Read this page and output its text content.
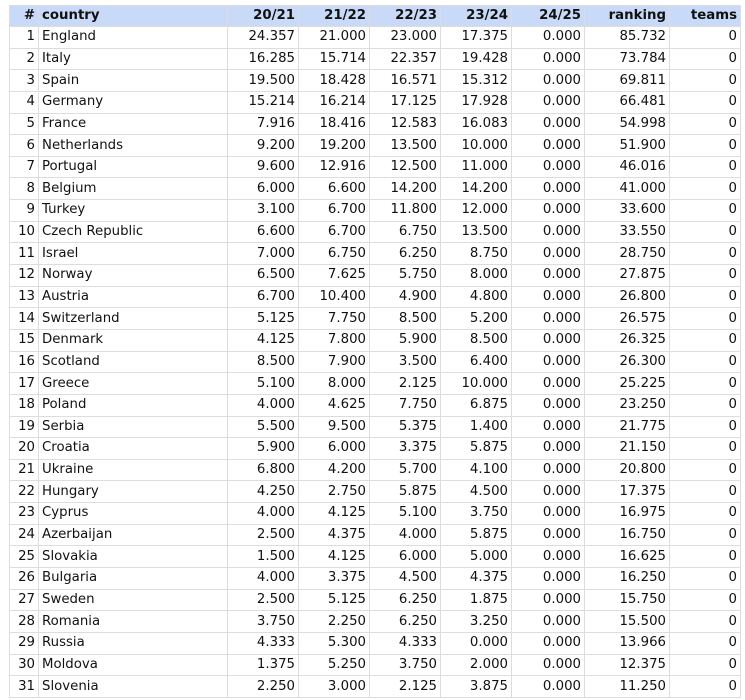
#	country	20/21	21/22	22/23	23/24	24/25	ranking	teams
1	England	24.357	21.000	23.000	17.375	0.000	85.732	0
2	Italy	16.285	15.714	22.357	19.428	0.000	73.784	0
3	Spain	19.500	18.428	16.571	15.312	0.000	69.811	0
4	Germany	15.214	16.214	17.125	17.928	0.000	66.481	0
5	France	7.916	18.416	12.583	16.083	0.000	54.998	0
6	Netherlands	9.200	19.200	13.500	10.000	0.000	51.900	0
7	Portugal	9.600	12.916	12.500	11.000	0.000	46.016	0
8	Belgium	6.000	6.600	14.200	14.200	0.000	41.000	0
9	Turkey	3.100	6.700	11.800	12.000	0.000	33.600	0
10	Czech Republic	6.600	6.700	6.750	13.500	0.000	33.550	0
11	Israel	7.000	6.750	6.250	8.750	0.000	28.750	0
12	Norway	6.500	7.625	5.750	8.000	0.000	27.875	0
13	Austria	6.700	10.400	4.900	4.800	0.000	26.800	0
14	Switzerland	5.125	7.750	8.500	5.200	0.000	26.575	0
15	Denmark	4.125	7.800	5.900	8.500	0.000	26.325	0
16	Scotland	8.500	7.900	3.500	6.400	0.000	26.300	0
17	Greece	5.100	8.000	2.125	10.000	0.000	25.225	0
18	Poland	4.000	4.625	7.750	6.875	0.000	23.250	0
19	Serbia	5.500	9.500	5.375	1.400	0.000	21.775	0
20	Croatia	5.900	6.000	3.375	5.875	0.000	21.150	0
21	Ukraine	6.800	4.200	5.700	4.100	0.000	20.800	0
22	Hungary	4.250	2.750	5.875	4.500	0.000	17.375	0
23	Cyprus	4.000	4.125	5.100	3.750	0.000	16.975	0
24	Azerbaijan	2.500	4.375	4.000	5.875	0.000	16.750	0
25	Slovakia	1.500	4.125	6.000	5.000	0.000	16.625	0
26	Bulgaria	4.000	3.375	4.500	4.375	0.000	16.250	0
27	Sweden	2.500	5.125	6.250	1.875	0.000	15.750	0
28	Romania	3.750	2.250	6.250	3.250	0.000	15.500	0
29	Russia	4.333	5.300	4.333	0.000	0.000	13.966	0
30	Moldova	1.375	5.250	3.750	2.000	0.000	12.375	0
31	Slovenia	2.250	3.000	2.125	3.875	0.000	11.250	0
